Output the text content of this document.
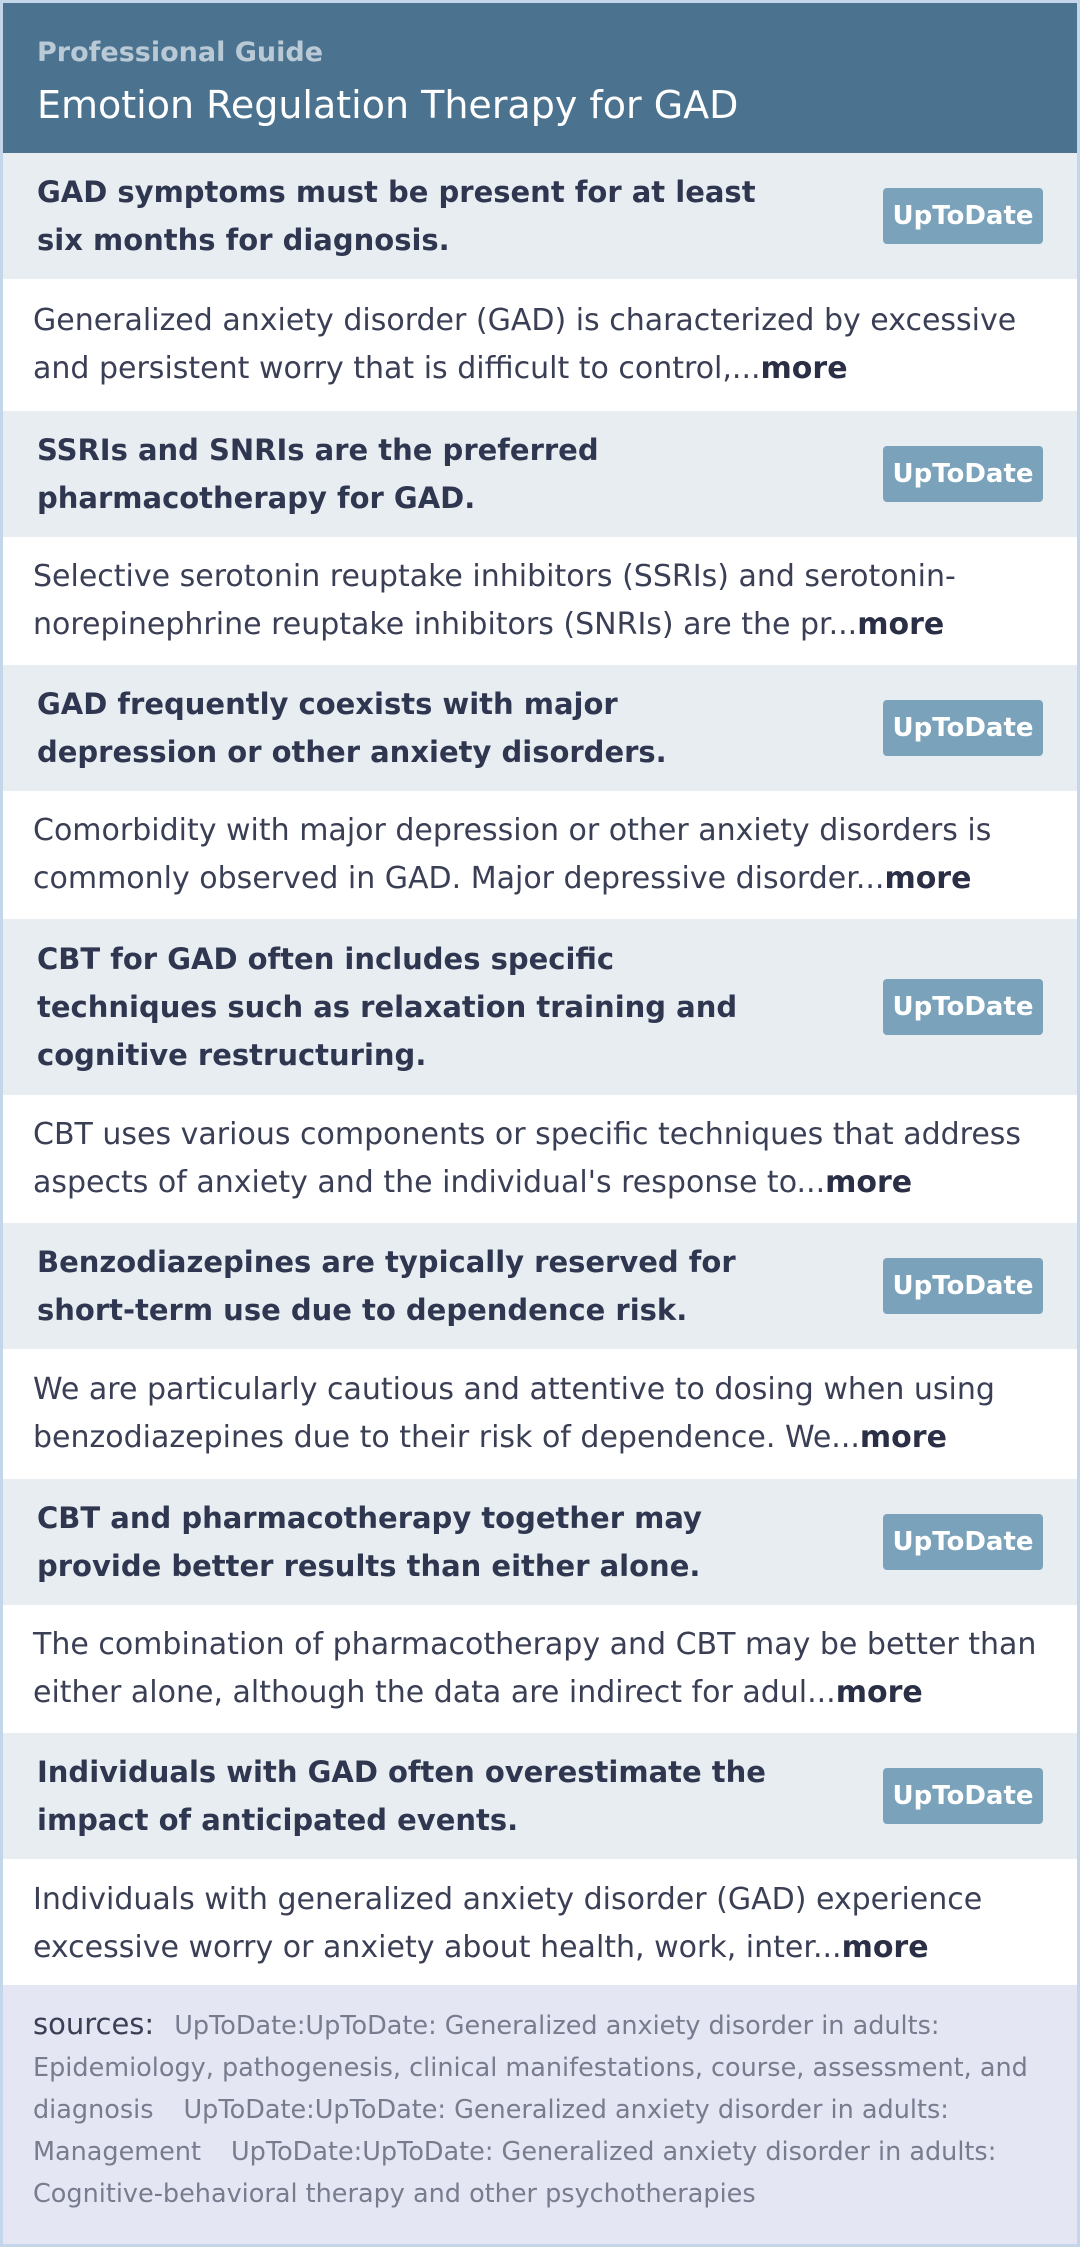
Professional Guide
Emotion Regulation Therapy for GAD
GAD symptoms must be present for at least six months for diagnosis.
UpToDate
Generalized anxiety disorder (GAD) is characterized by excessive and persistent worry that is difficult to control,...more
SSRIs and SNRIs are the preferred pharmacotherapy for GAD.
UpToDate
Selective serotonin reuptake inhibitors (SSRIs) and serotonin-norepinephrine reuptake inhibitors (SNRIs) are the pr...more
GAD frequently coexists with major depression or other anxiety disorders.
UpToDate
Comorbidity with major depression or other anxiety disorders is commonly observed in GAD. Major depressive disorder...more
CBT for GAD often includes specific techniques such as relaxation training and cognitive restructuring.
UpToDate
CBT uses various components or specific techniques that address aspects of anxiety and the individual's response to...more
Benzodiazepines are typically reserved for short-term use due to dependence risk.
UpToDate
We are particularly cautious and attentive to dosing when using benzodiazepines due to their risk of dependence. We...more
CBT and pharmacotherapy together may provide better results than either alone.
UpToDate
The combination of pharmacotherapy and CBT may be better than either alone, although the data are indirect for adul...more
Individuals with GAD often overestimate the impact of anticipated events.
UpToDate
Individuals with generalized anxiety disorder (GAD) experience excessive worry or anxiety about health, work, inter...more
sources: UpToDate:UpToDate: Generalized anxiety disorder in adults: Epidemiology, pathogenesis, clinical manifestations, course, assessment, and diagnosis UpToDate:UpToDate: Generalized anxiety disorder in adults: Management UpToDate:UpToDate: Generalized anxiety disorder in adults: Cognitive-behavioral therapy and other psychotherapies
